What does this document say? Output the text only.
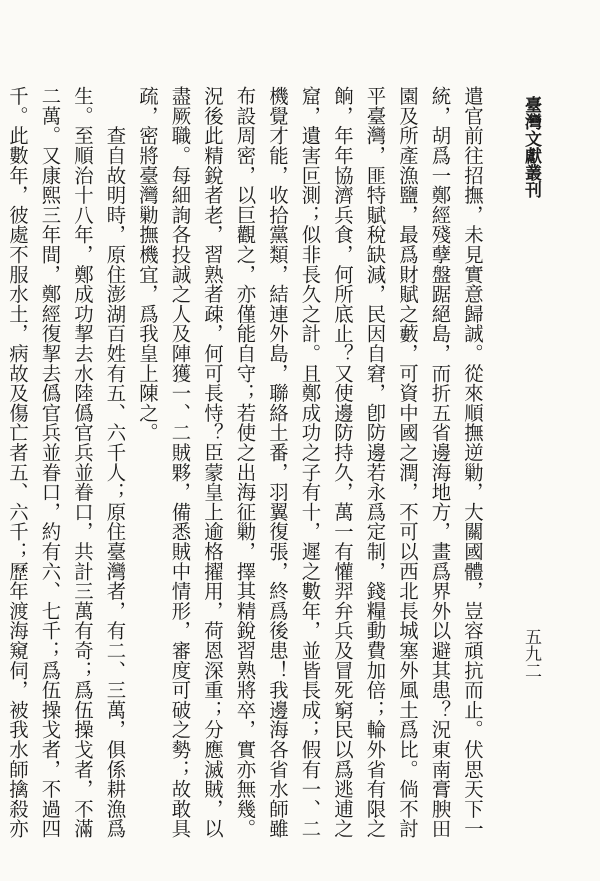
臺灣文獻叢刊
五九二
遣官前往招撫，未見實意歸誠。從來順撫逆勦，大關國體，豈容頑抗而止。伏思天下一
統，胡爲一鄭經殘孽盤踞絕島，而折五省邊海地方，畫爲界外以避其患？況東南膏腴田
園及所產漁鹽，最爲財賦之藪，可資中國之潤，不可以西北長城塞外風土爲比。倘不討
平臺灣，匪特賦稅缺減，民因自窘，卽防邊若永爲定制，錢糧動費加倍；輪外省有限之
餉，年年協濟兵食，何所底止？又使邊防持久，萬一有懽羿弁兵及冒死窮民以爲逃逋之
窟，遺害叵測；似非長久之計。且鄭成功之子有十，遲之數年，並皆長成；假有一、二
機覺才能，收拾黨類，結連外島，聯絡土番，羽翼復張，終爲後患！我邊海各省水師雖
布設周密，以巨觀之，亦僅能自守；若使之出海征勦，擇其精銳習熟將卒，實亦無幾。
況後此精銳者老，習熟者疎，何可長恃？臣蒙皇上逾格擢用，荷恩深重；分應滅賊，以
盡厥職。每細詢各投誠之人及陣獲一、二賊夥，備悉賊中情形，審度可破之勢；故敢具
疏，密將臺灣勦撫機宜，爲我皇上陳之。
　　查自故明時，原住澎湖百姓有五、六千人；原住臺灣者，有二、三萬，俱係耕漁爲
生。至順治十八年，鄭成功挈去水陸僞官兵並眷口，共計三萬有奇；爲伍操戈者，不滿
二萬。又康熙三年間，鄭經復挈去僞官兵並眷口，約有六、七千；爲伍操戈者，不過四
千。此數年，彼處不服水土，病故及傷亡者五、六千；歷年渡海窺伺，被我水師擒殺亦
